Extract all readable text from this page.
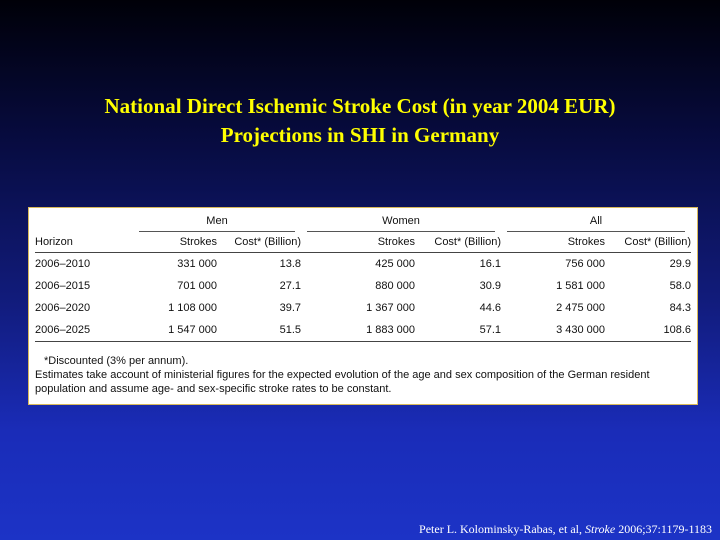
National Direct Ischemic Stroke Cost (in year 2004 EUR)
Projections in SHI in Germany

	Men		Women		All	

Horizon	Strokes	Cost* (Billion)	Strokes	Cost* (Billion)	Strokes	Cost* (Billion)
2006–2010	331 000	13.8	425 000	16.1	756 000	29.9
2006–2015	701 000	27.1	880 000	30.9	1 581 000	58.0
2006–2020	1 108 000	39.7	1 367 000	44.6	2 475 000	84.3
2006–2025	1 547 000	51.5	1 883 000	57.1	3 430 000	108.6
*Discounted (3% per annum).
Estimates take account of ministerial figures for the expected evolution of the age and sex composition of the German resident population and assume age- and sex-specific stroke rates to be constant.
Peter L. Kolominsky-Rabas, et al, Stroke 2006;37:1179-1183
